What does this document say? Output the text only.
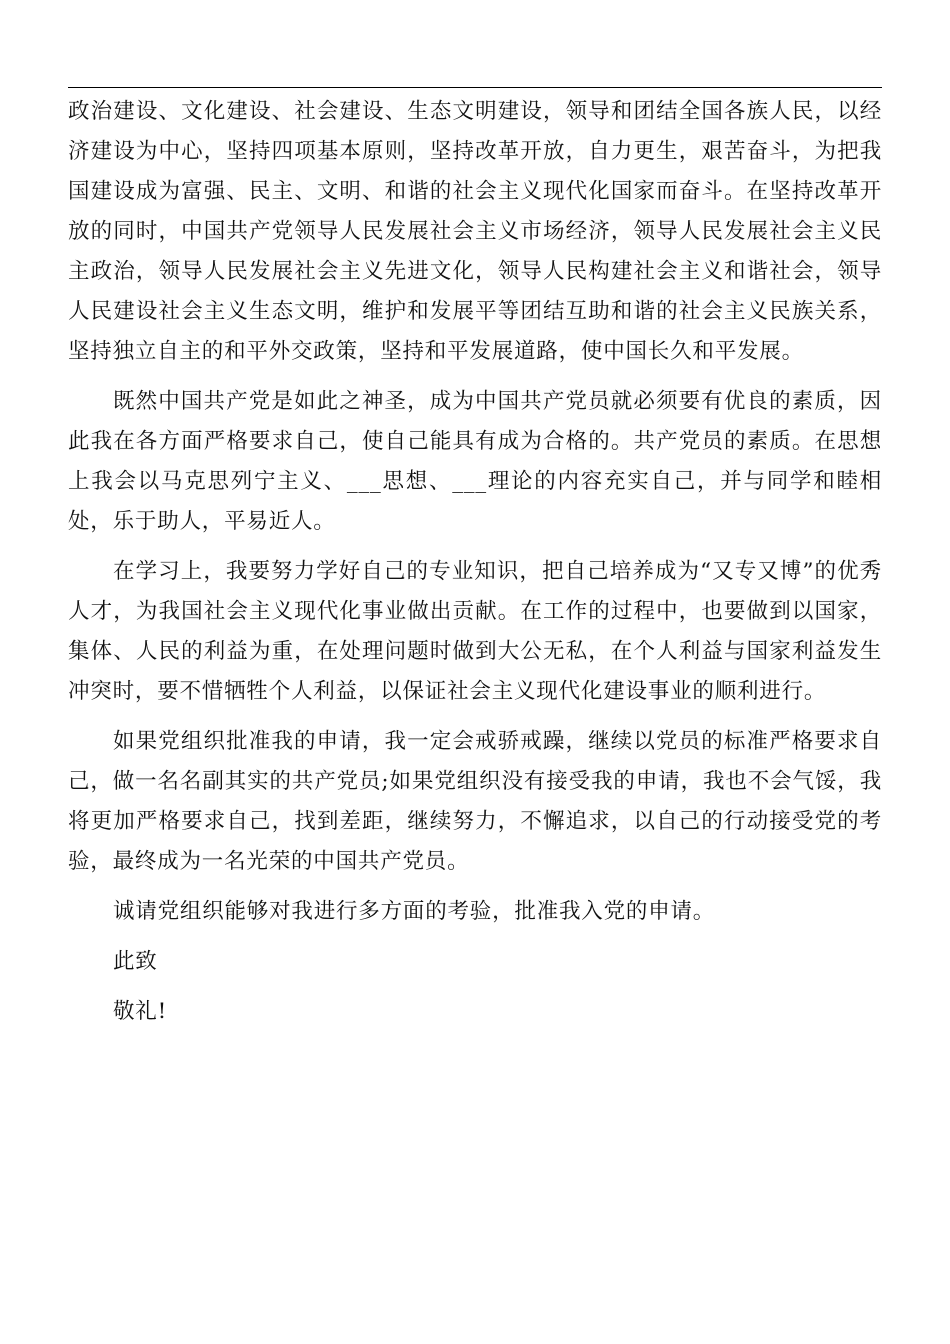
政治建设、文化建设、社会建设、生态文明建设，领导和团结全国各族人民，以经济建设为中心，坚持四项基本原则，坚持改革开放，自力更生，艰苦奋斗，为把我国建设成为富强、民主、文明、和谐的社会主义现代化国家而奋斗。在坚持改革开放的同时，中国共产党领导人民发展社会主义市场经济，领导人民发展社会主义民主政治，领导人民发展社会主义先进文化，领导人民构建社会主义和谐社会，领导人民建设社会主义生态文明，维护和发展平等团结互助和谐的社会主义民族关系，坚持独立自主的和平外交政策，坚持和平发展道路，使中国长久和平发展。

既然中国共产党是如此之神圣，成为中国共产党员就必须要有优良的素质，因此我在各方面严格要求自己，使自己能具有成为合格的。共产党员的素质。在思想上我会以马克思列宁主义、___思想、___理论的内容充实自己，并与同学和睦相处，乐于助人，平易近人。

在学习上，我要努力学好自己的专业知识，把自己培养成为“又专又博”的优秀人才，为我国社会主义现代化事业做出贡献。在工作的过程中，也要做到以国家，集体、人民的利益为重，在处理问题时做到大公无私，在个人利益与国家利益发生冲突时，要不惜牺牲个人利益，以保证社会主义现代化建设事业的顺利进行。

如果党组织批准我的申请，我一定会戒骄戒躁，继续以党员的标准严格要求自己，做一名名副其实的共产党员;如果党组织没有接受我的申请，我也不会气馁，我将更加严格要求自己，找到差距，继续努力，不懈追求，以自己的行动接受党的考验，最终成为一名光荣的中国共产党员。

诚请党组织能够对我进行多方面的考验，批准我入党的申请。

此致

敬礼!
